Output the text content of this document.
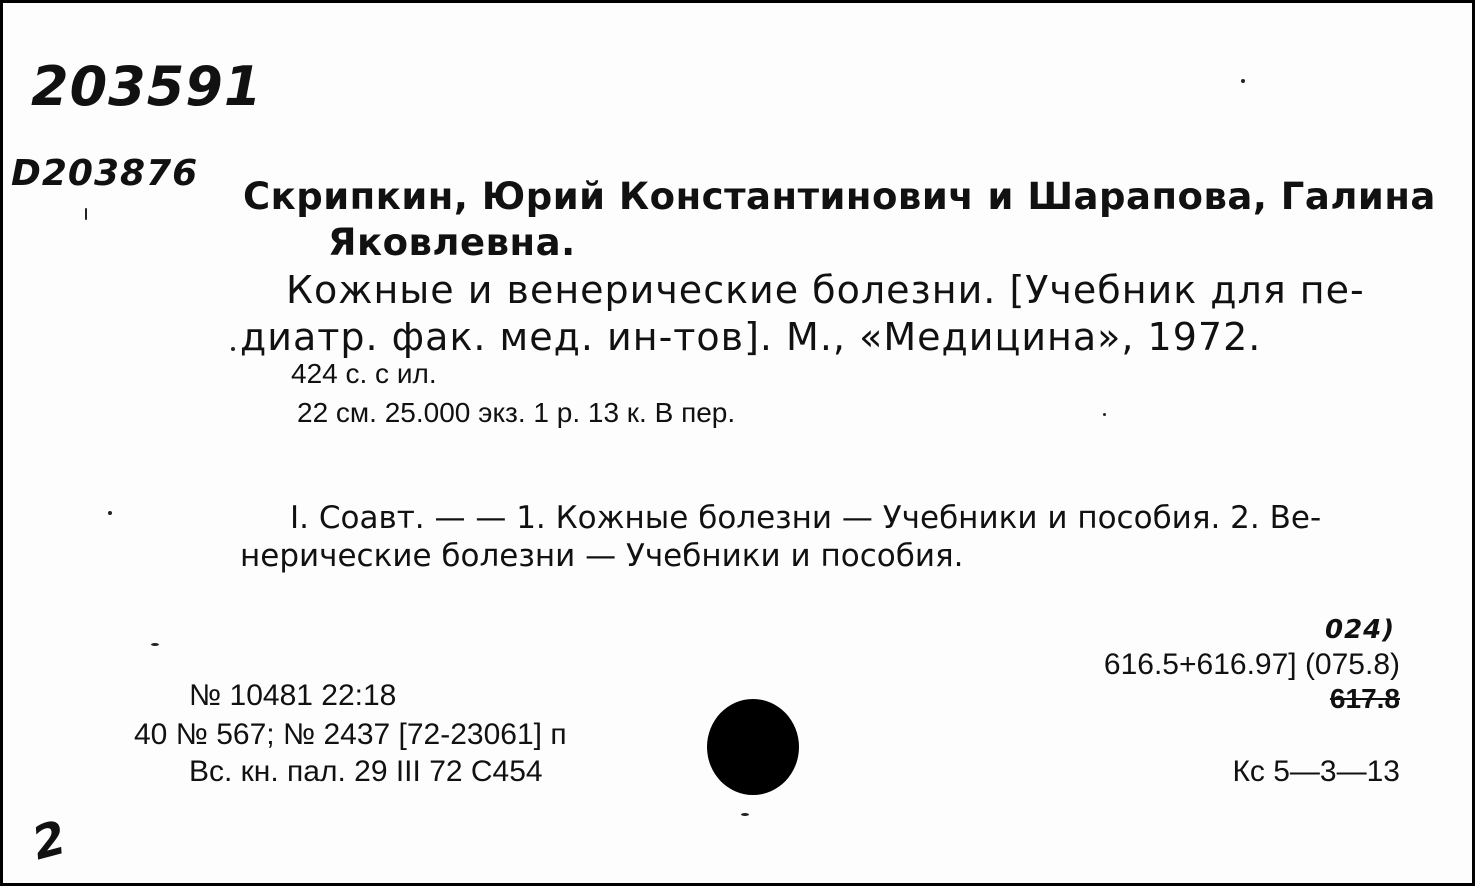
203591
D203876
Скрипкин, Юрий Константинович и Шарапова, Галина
Яковлевна.
Кожные и венерические болезни. [Учебник для пе-
диатр. фак. мед. ин-тов]. М., «Медицина», 1972.
424 с. с ил.
22 см. 25.000 экз. 1 р. 13 к. В пер.
I. Соавт. — — 1. Кожные болезни — Учебники и пособия. 2. Ве-
нерические болезни — Учебники и пособия.
024)
616.5+616.97] (075.8)
617.8
Кс 5—3—13
№ 10481 22:18
40 № 567; № 2437 [72-23061] п
Вс. кн. пал. 29 III 72 С454
2
